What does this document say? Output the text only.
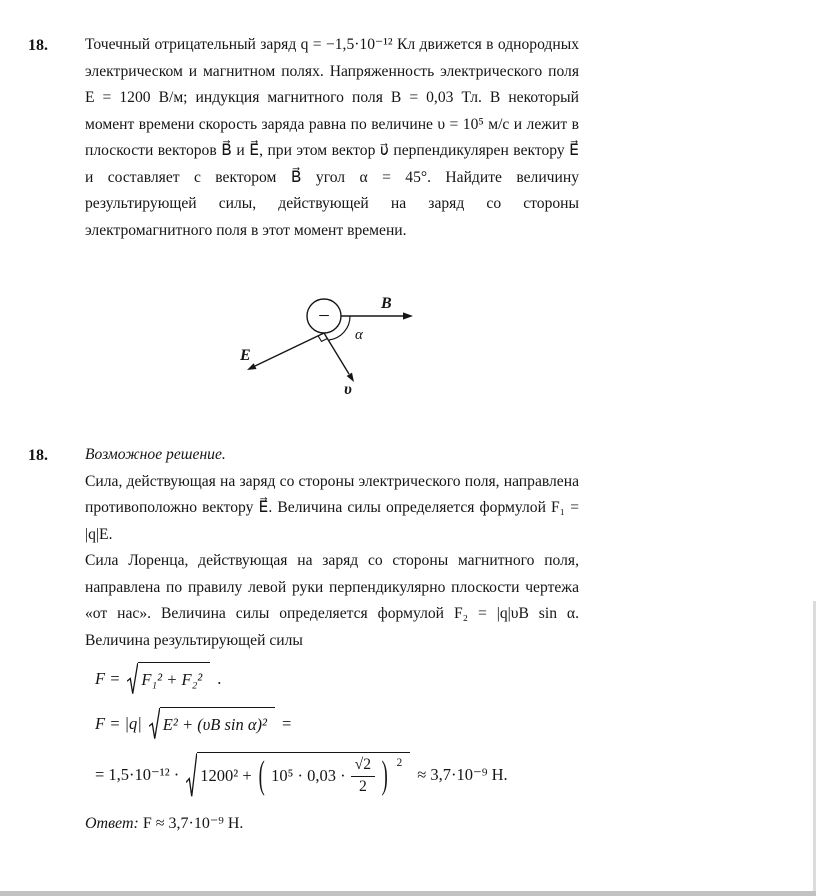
18.	Точечный отрицательный заряд q = −1,5·10⁻¹² Кл движется в однородных электрическом и магнитном полях. Напряженность электрического поля E = 1200 В/м; индукция магнитного поля B = 0,03 Тл. В некоторый момент времени скорость заряда равна по величине υ = 10⁵ м/с и лежит в плоскости векторов B⃗ и E⃗, при этом вектор υ⃗ перпендикулярен вектору E⃗ и составляет с вектором B⃗ угол α = 45°. Найдите величину результирующей силы, действующей на заряд со стороны электромагнитного поля в этот момент времени.

−	B⃗
υ⃗
E⃗
α
18.	Возможное решение.

Сила, действующая на заряд со стороны электрического поля, направлена противоположно вектору E⃗. Величина силы определяется формулой F₁ = |q|E.

Сила Лоренца, действующая на заряд со стороны магнитного поля, направлена по правилу левой руки перпендикулярно плоскости чертежа «от нас». Величина силы определяется формулой F₂ = |q|υB sin α. Величина результирующей силы

F = F₁² + F₂² .
F = |q| E² + (υB sin α)² =
= 1,5·10⁻¹² · 1200² + ( $10^5 \cdot 0,03 \cdot \frac{√2}{2}$ ) $^2$
≈ 3,7·10⁻⁹ Н.

Ответ: F ≈ 3,7·10⁻⁹ Н.
